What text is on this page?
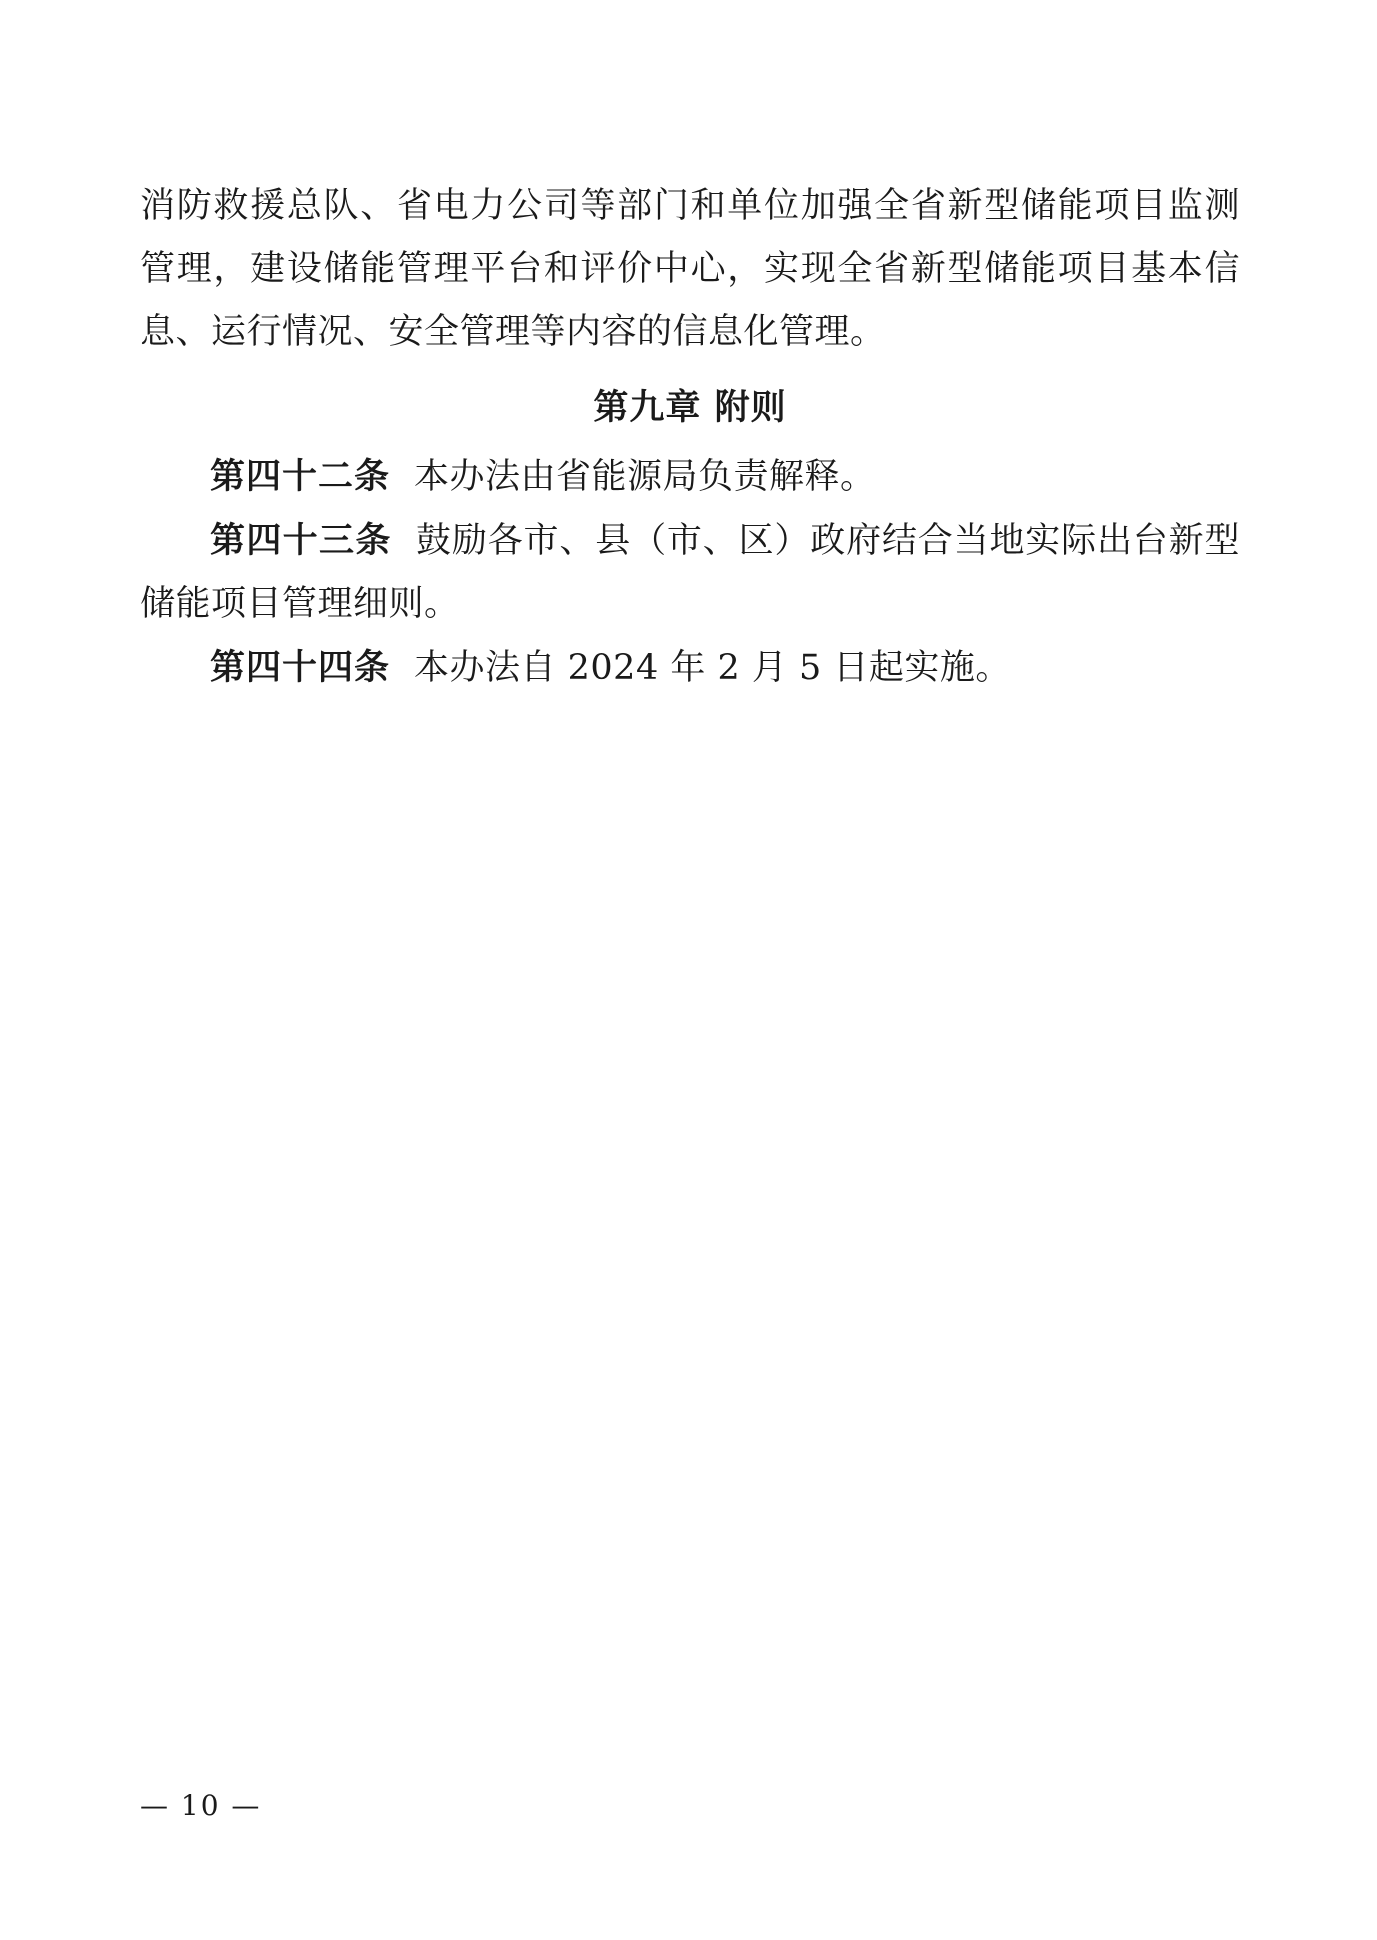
消防救援总队、省电力公司等部门和单位加强全省新型储能项目监测管理，建设储能管理平台和评价中心，实现全省新型储能项目基本信息、运行情况、安全管理等内容的信息化管理。

第九章 附则

第四十二条 本办法由省能源局负责解释。

第四十三条 鼓励各市、县（市、区）政府结合当地实际出台新型储能项目管理细则。

第四十四条 本办法自 2024 年 2 月 5 日起实施。

— 10 —
